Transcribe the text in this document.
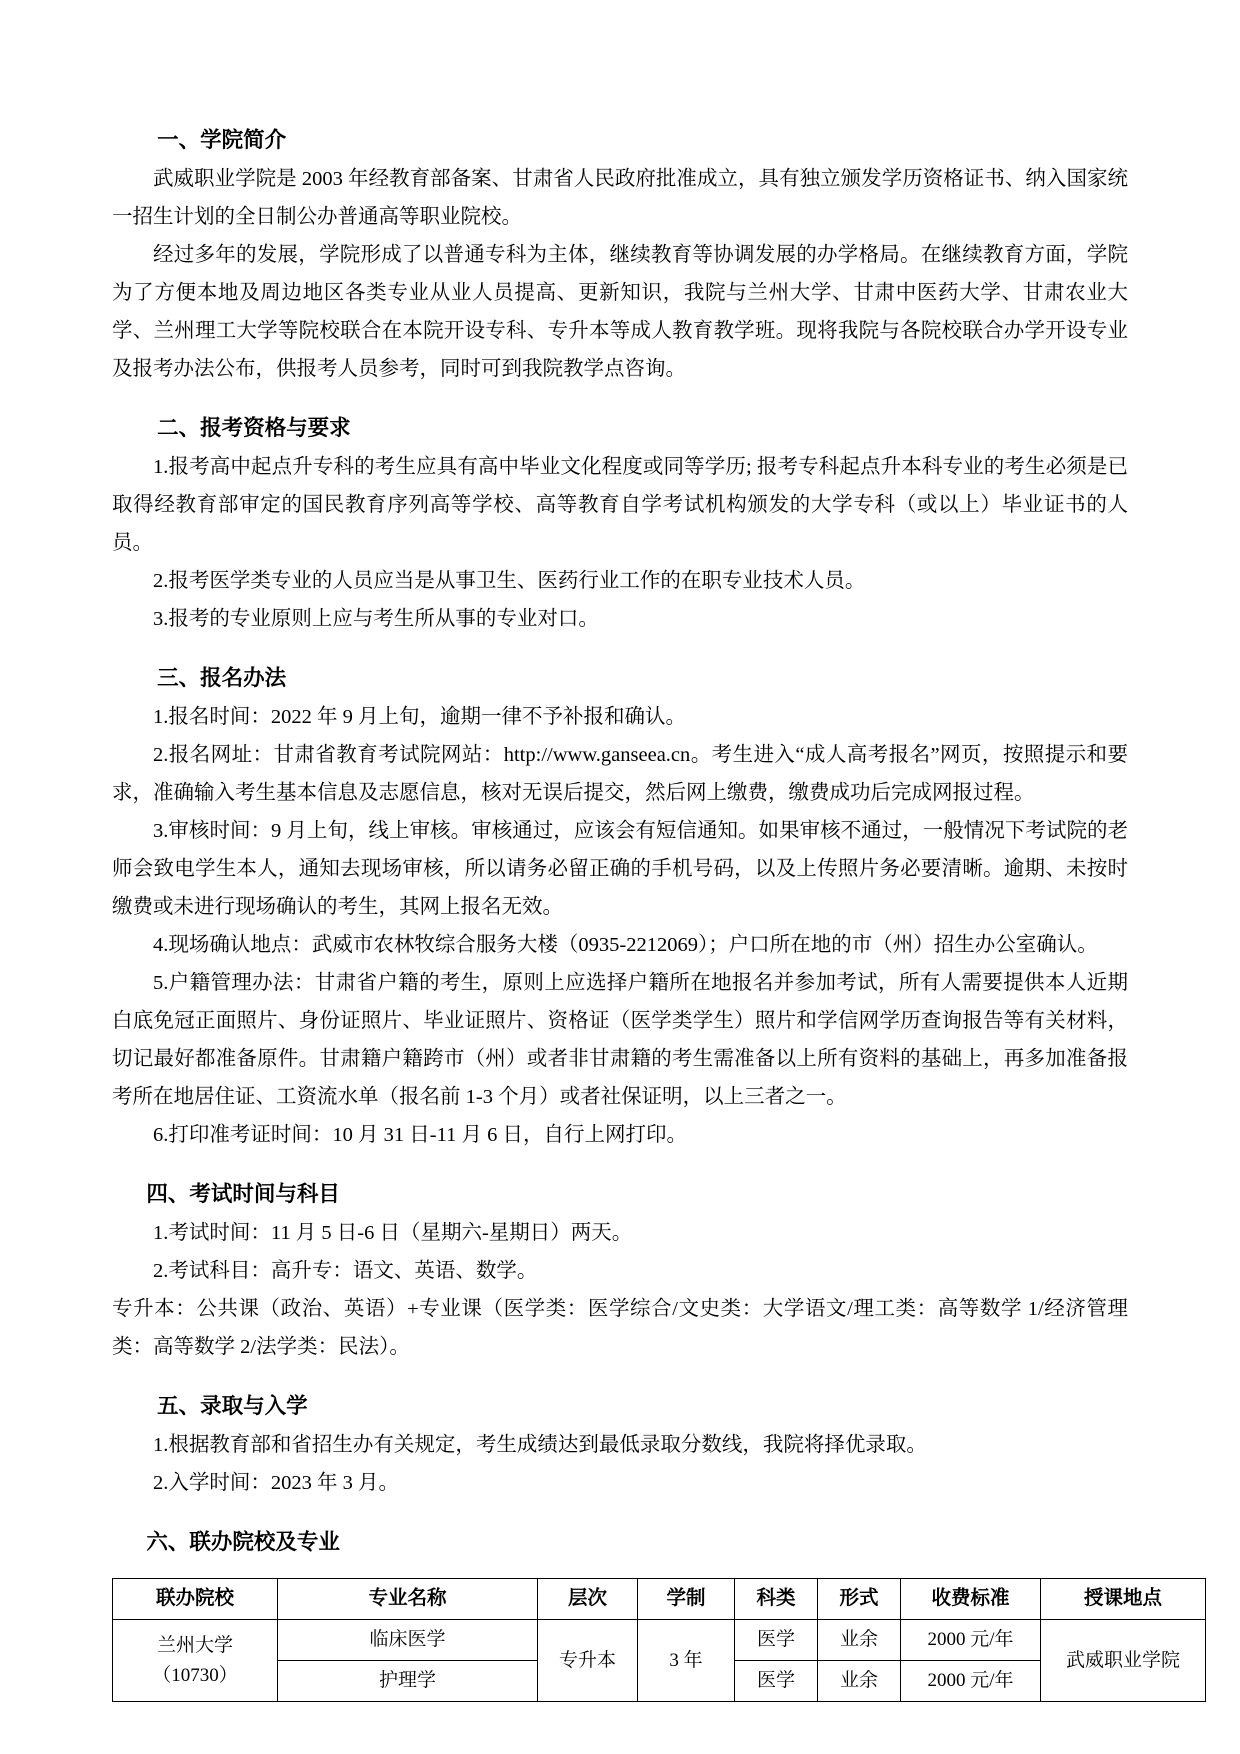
一、学院简介

武威职业学院是 2003 年经教育部备案、甘肃省人民政府批准成立，具有独立颁发学历资格证书、纳入国家统一招生计划的全日制公办普通高等职业院校。

经过多年的发展，学院形成了以普通专科为主体，继续教育等协调发展的办学格局。在继续教育方面，学院为了方便本地及周边地区各类专业从业人员提高、更新知识，我院与兰州大学、甘肃中医药大学、甘肃农业大学、兰州理工大学等院校联合在本院开设专科、专升本等成人教育教学班。现将我院与各院校联合办学开设专业及报考办法公布，供报考人员参考，同时可到我院教学点咨询。

二、报考资格与要求

1.报考高中起点升专科的考生应具有高中毕业文化程度或同等学历; 报考专科起点升本科专业的考生必须是已取得经教育部审定的国民教育序列高等学校、高等教育自学考试机构颁发的大学专科（或以上）毕业证书的人员。

2.报考医学类专业的人员应当是从事卫生、医药行业工作的在职专业技术人员。

3.报考的专业原则上应与考生所从事的专业对口。

三、报名办法

1.报名时间：2022 年 9 月上旬，逾期一律不予补报和确认。

2.报名网址：甘肃省教育考试院网站：http://www.ganseea.cn。考生进入“成人高考报名”网页，按照提示和要求，准确输入考生基本信息及志愿信息，核对无误后提交，然后网上缴费，缴费成功后完成网报过程。

3.审核时间：9 月上旬，线上审核。审核通过，应该会有短信通知。如果审核不通过，一般情况下考试院的老师会致电学生本人，通知去现场审核，所以请务必留正确的手机号码，以及上传照片务必要清晰。逾期、未按时缴费或未进行现场确认的考生，其网上报名无效。

4.现场确认地点：武威市农林牧综合服务大楼（0935-2212069）；户口所在地的市（州）招生办公室确认。

5.户籍管理办法：甘肃省户籍的考生，原则上应选择户籍所在地报名并参加考试，所有人需要提供本人近期白底免冠正面照片、身份证照片、毕业证照片、资格证（医学类学生）照片和学信网学历查询报告等有关材料，切记最好都准备原件。甘肃籍户籍跨市（州）或者非甘肃籍的考生需准备以上所有资料的基础上，再多加准备报考所在地居住证、工资流水单（报名前 1-3 个月）或者社保证明，以上三者之一。

6.打印准考证时间：10 月 31 日-11 月 6 日，自行上网打印。

四、考试时间与科目

1.考试时间：11 月 5 日-6 日（星期六-星期日）两天。

2.考试科目：高升专：语文、英语、数学。

专升本：公共课（政治、英语）+专业课（医学类：医学综合/文史类：大学语文/理工类：高等数学 1/经济管理类：高等数学 2/法学类：民法）。

五、录取与入学

1.根据教育部和省招生办有关规定，考生成绩达到最低录取分数线，我院将择优录取。

2.入学时间：2023 年 3 月。

六、联办院校及专业
联办院校	专业名称	层次	学制	科类	形式	收费标准	授课地点
兰州大学
（10730）	临床医学	专升本	3 年	医学	业余	2000 元/年	武威职业学院
	护理学			医学	业余	2000 元/年	
